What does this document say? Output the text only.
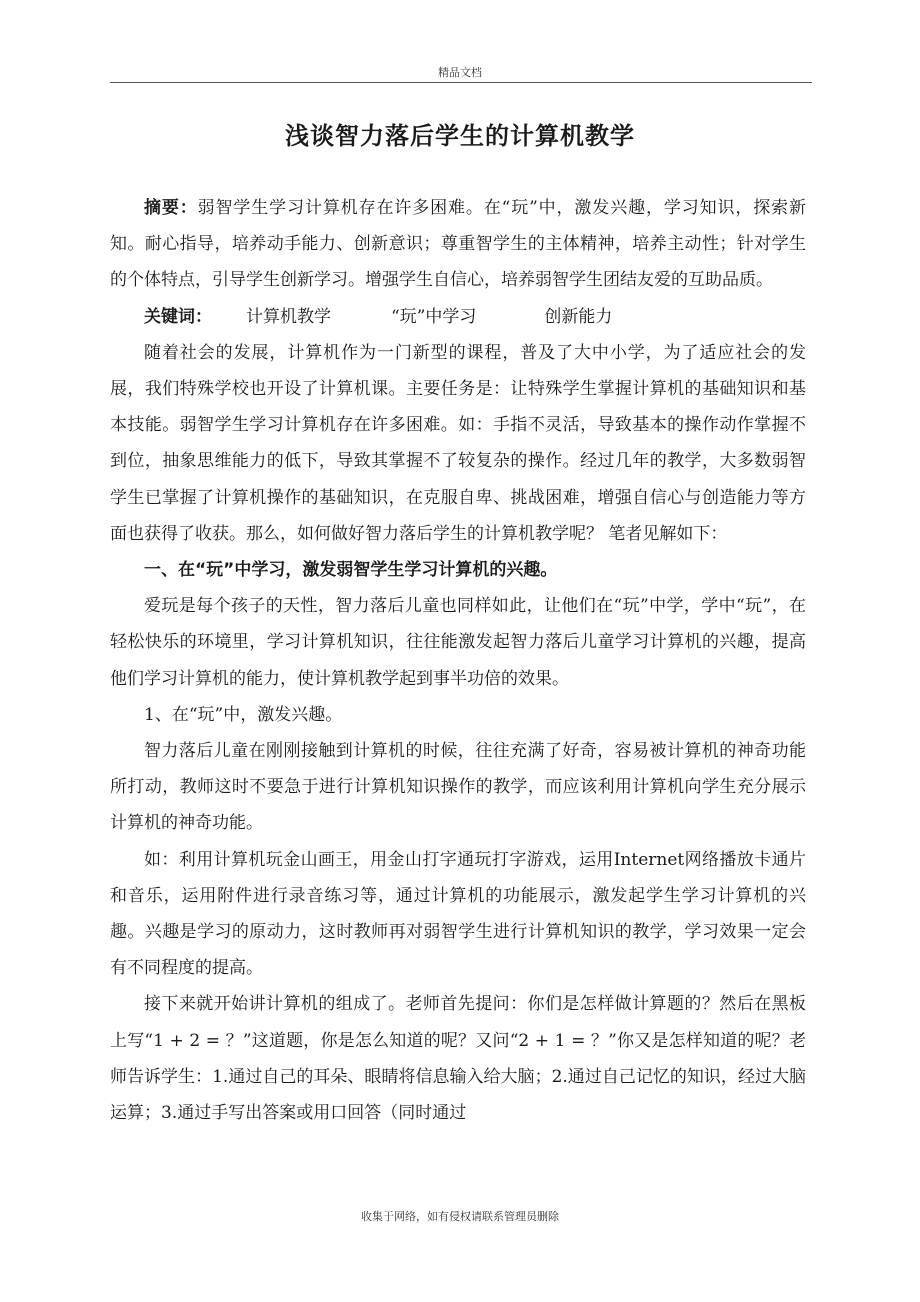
精品文档
浅谈智力落后学生的计算机教学

摘要：弱智学生学习计算机存在许多困难。在“玩”中，激发兴趣，学习知识，探索新知。耐心指导，培养动手能力、创新意识；尊重智学生的主体精神，培养主动性；针对学生的个体特点，引导学生创新学习。增强学生自信心，培养弱智学生团结友爱的互助品质。

关键词： 计算机教学	“玩”中学习	创新能力

随着社会的发展，计算机作为一门新型的课程，普及了大中小学，为了适应社会的发展，我们特殊学校也开设了计算机课。主要任务是：让特殊学生掌握计算机的基础知识和基本技能。弱智学生学习计算机存在许多困难。如：手指不灵活，导致基本的操作动作掌握不到位，抽象思维能力的低下，导致其掌握不了较复杂的操作。经过几年的教学，大多数弱智学生已掌握了计算机操作的基础知识，在克服自卑、挑战困难，增强自信心与创造能力等方面也获得了收获。那么，如何做好智力落后学生的计算机教学呢？ 笔者见解如下：

一、在“玩”中学习，激发弱智学生学习计算机的兴趣。

爱玩是每个孩子的天性，智力落后儿童也同样如此，让他们在“玩”中学，学中“玩”，在轻松快乐的环境里，学习计算机知识，往往能激发起智力落后儿童学习计算机的兴趣，提高他们学习计算机的能力，使计算机教学起到事半功倍的效果。

1、在“玩”中，激发兴趣。

智力落后儿童在刚刚接触到计算机的时候，往往充满了好奇，容易被计算机的神奇功能所打动，教师这时不要急于进行计算机知识操作的教学，而应该利用计算机向学生充分展示计算机的神奇功能。

如：利用计算机玩金山画王，用金山打字通玩打字游戏，运用Internet网络播放卡通片和音乐，运用附件进行录音练习等，通过计算机的功能展示，激发起学生学习计算机的兴趣。兴趣是学习的原动力，这时教师再对弱智学生进行计算机知识的教学，学习效果一定会有不同程度的提高。

接下来就开始讲计算机的组成了。老师首先提问：你们是怎样做计算题的？然后在黑板上写“1 + 2 = ？”这道题，你是怎么知道的呢？又问“2 + 1 = ？”你又是怎样知道的呢？老师告诉学生：1.通过自己的耳朵、眼睛将信息输入给大脑；2.通过自己记忆的知识，经过大脑运算；3.通过手写出答案或用口回答（同时通过

收集于网络，如有侵权请联系管理员删除
